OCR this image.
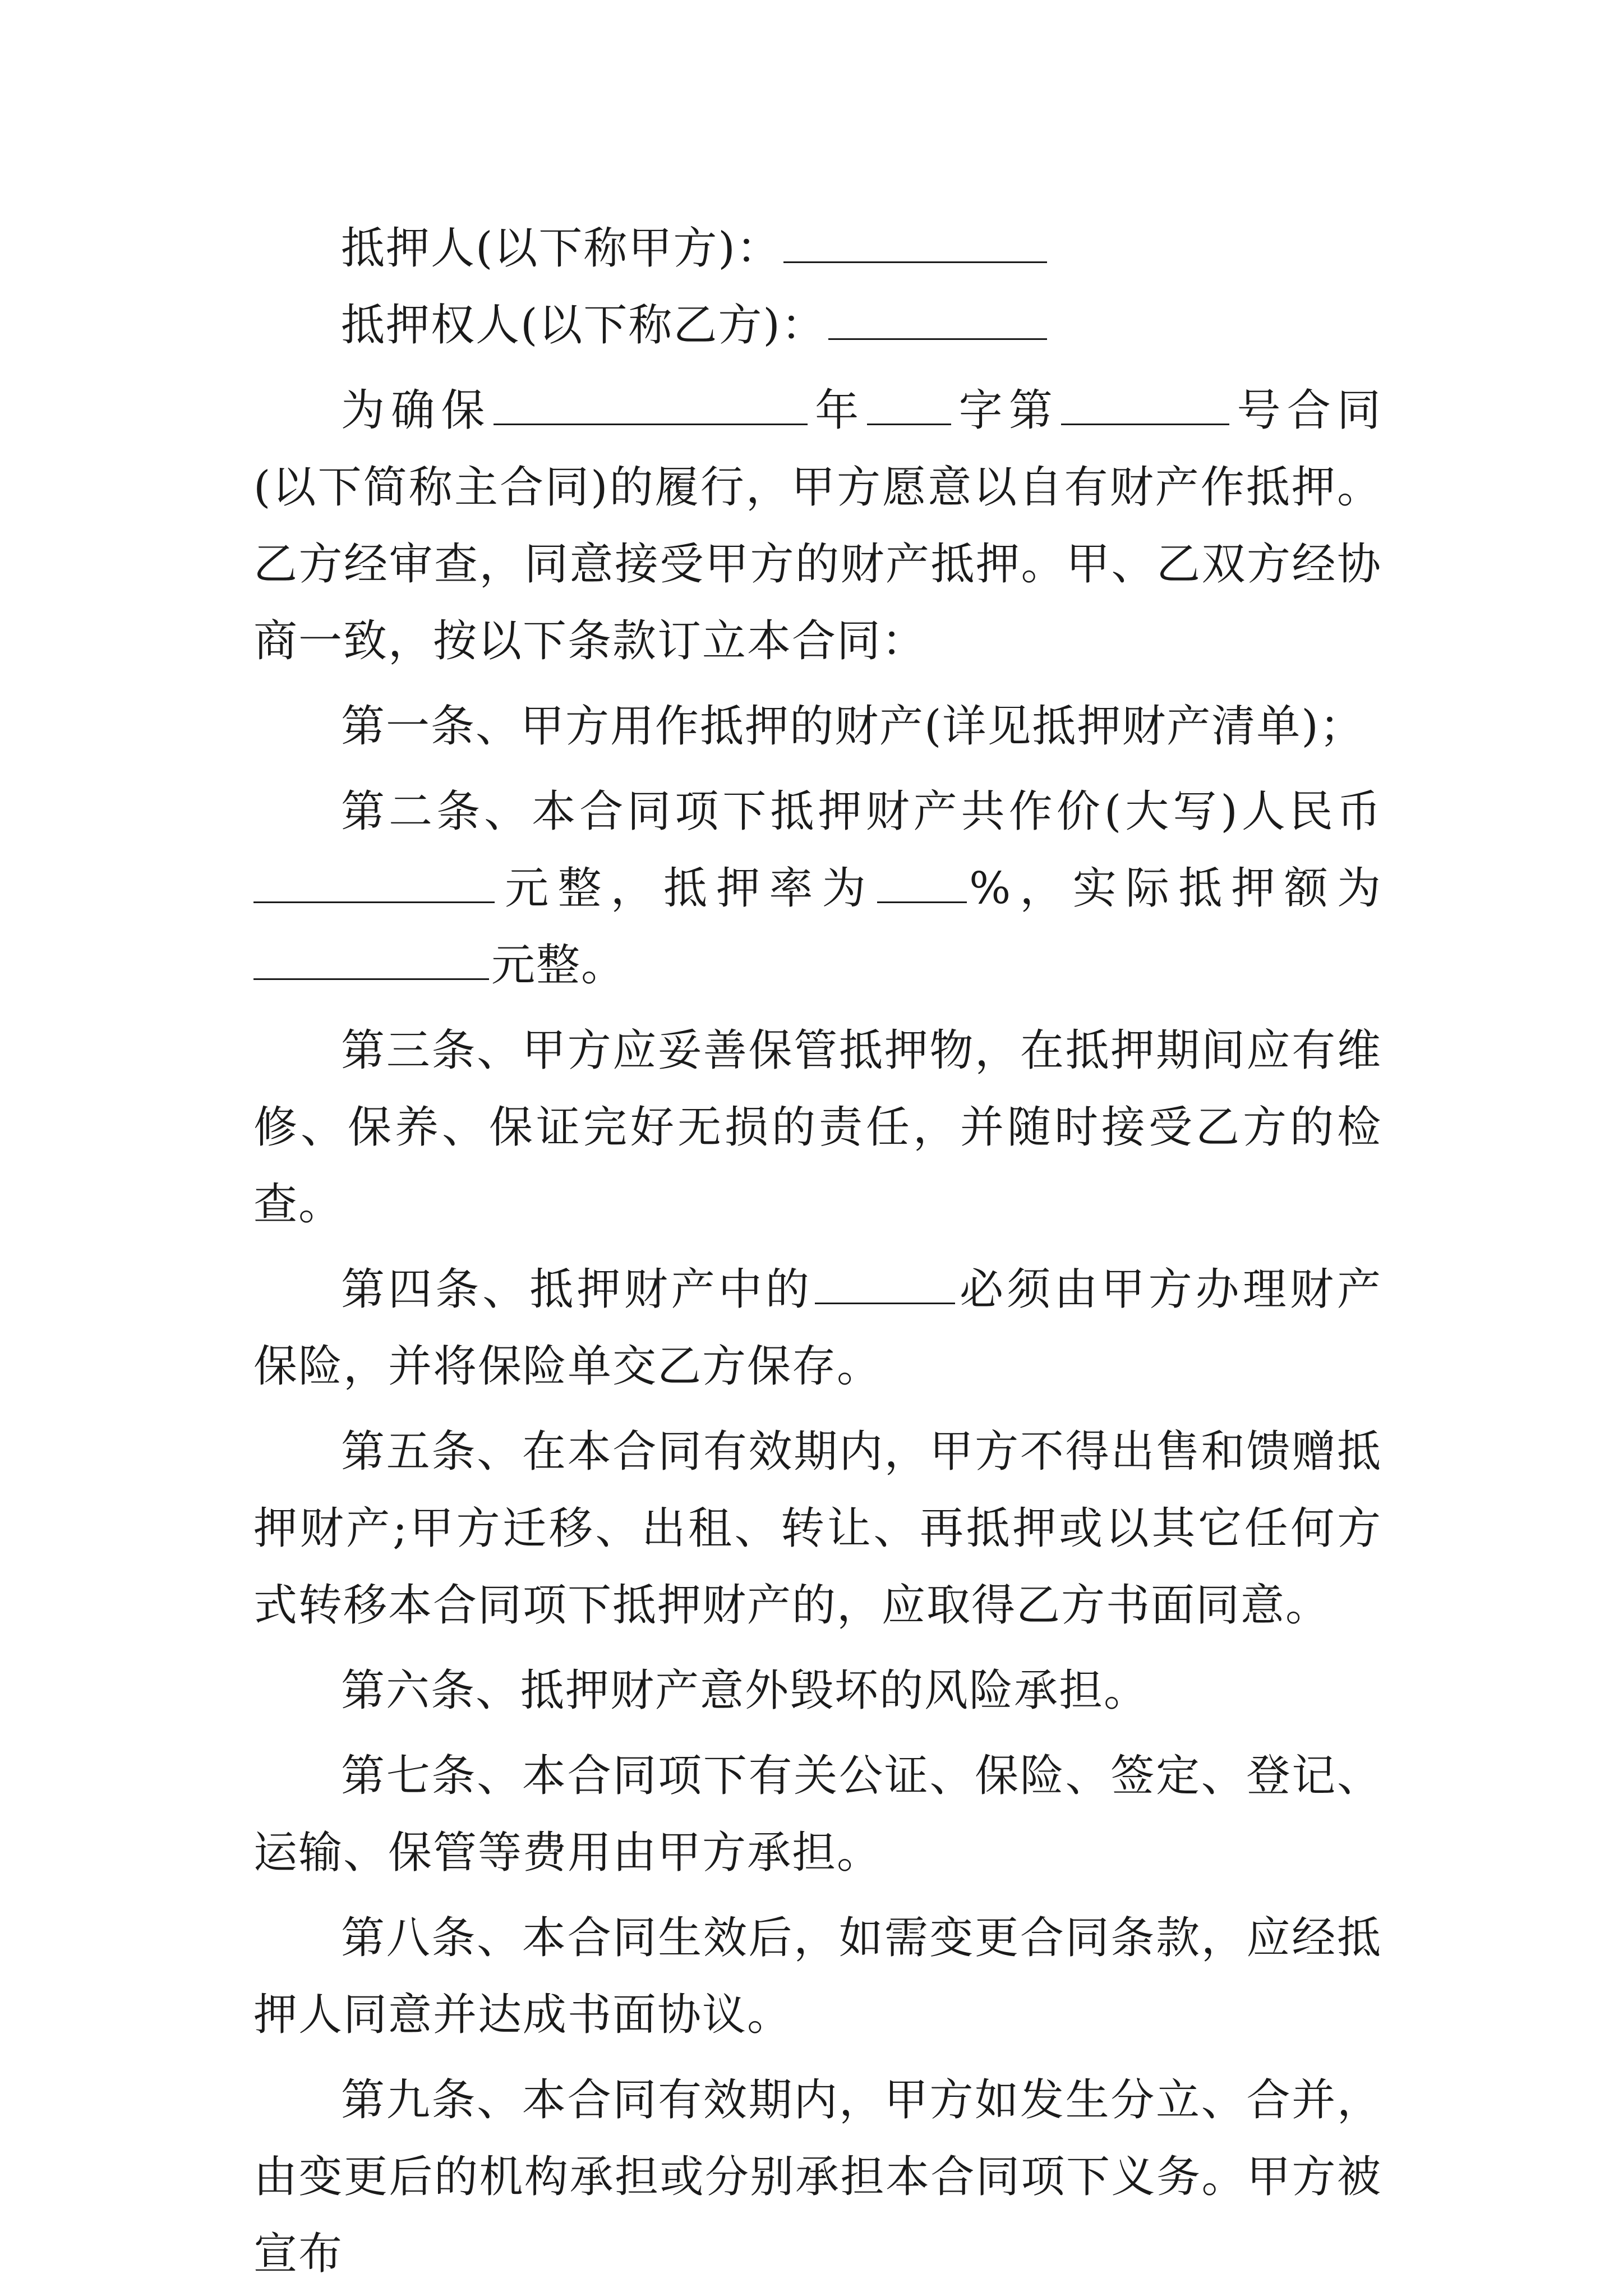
抵押人(以下称甲方)：

抵押权人(以下称乙方)：

为确保	年 字第	号合同(以下简称主合同)的履行，甲方愿意以自有财产作抵押。乙方经审查，同意接受甲方的财产抵押。甲、乙双方经协商一致，按以下条款订立本合同：

第一条、甲方用作抵押的财产(详见抵押财产清单)；

第二条、本合同项下抵押财产共作价(大写)人民币元整，抵押率为 %，实际抵押额为元整。

第三条、甲方应妥善保管抵押物，在抵押期间应有维修、保养、保证完好无损的责任，并随时接受乙方的检查。

第四条、抵押财产中的	必须由甲方办理财产保险，并将保险单交乙方保存。

第五条、在本合同有效期内，甲方不得出售和馈赠抵押财产;甲方迁移、出租、转让、再抵押或以其它任何方式转移本合同项下抵押财产的，应取得乙方书面同意。

第六条、抵押财产意外毁坏的风险承担。

第七条、本合同项下有关公证、保险、签定、登记、运输、保管等费用由甲方承担。

第八条、本合同生效后，如需变更合同条款，应经抵押人同意并达成书面协议。

第九条、本合同有效期内，甲方如发生分立、合并，由变更后的机构承担或分别承担本合同项下义务。甲方被宣布
